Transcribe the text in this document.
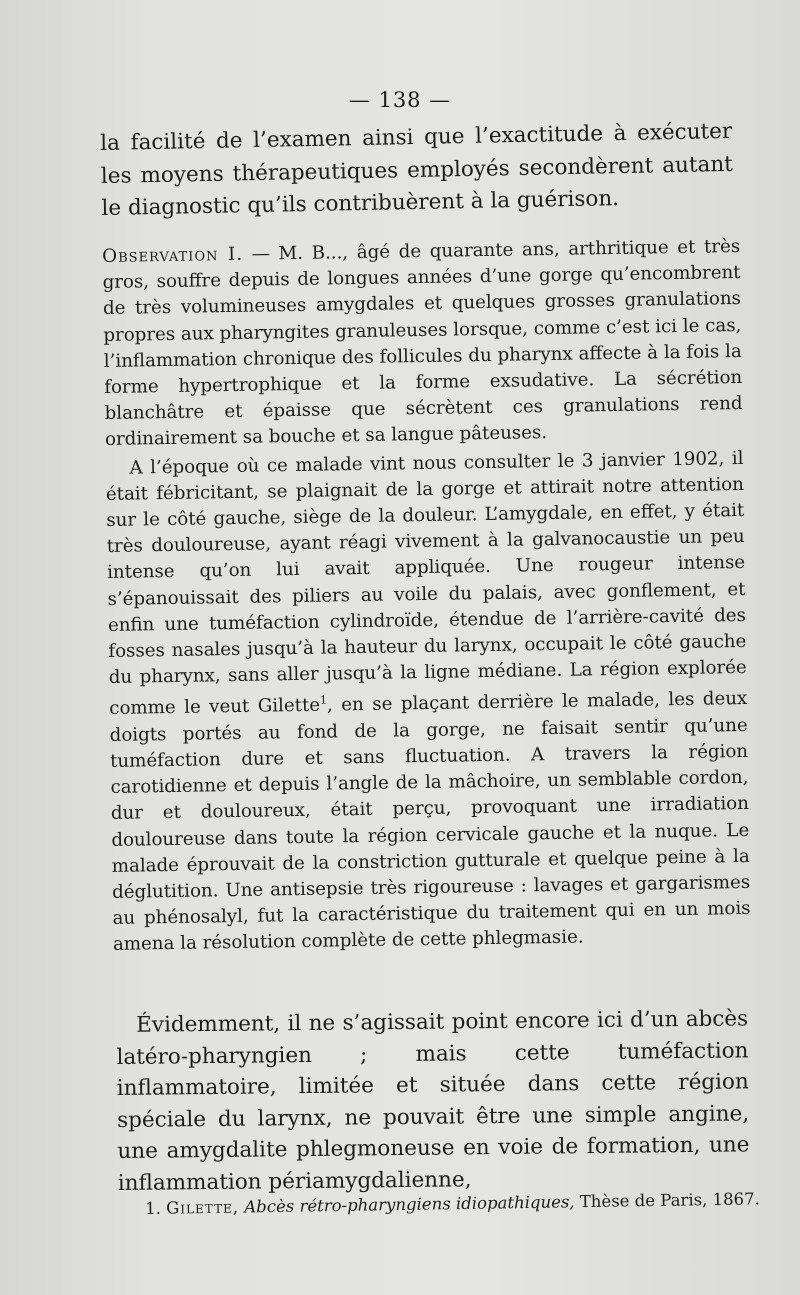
— 138 —
la facilité de l’examen ainsi que l’exactitude à exécuter les moyens thérapeutiques employés secondèrent autant le diagnostic qu’ils contribuèrent à la guérison.

Observation I. — M. B..., âgé de quarante ans, arthritique et très gros, souffre depuis de longues années d’une gorge qu’encombrent de très volumineuses amygdales et quelques grosses granulations propres aux pharyngites granuleuses lorsque, comme c’est ici le cas, l’inflammation chronique des follicules du pharynx affecte à la fois la forme hypertrophique et la forme exsudative. La sécrétion blanchâtre et épaisse que sécrètent ces granulations rend ordinairement sa bouche et sa langue pâteuses.

A l’époque où ce malade vint nous consulter le 3 janvier 1902, il était fébricitant, se plaignait de la gorge et attirait notre attention sur le côté gauche, siège de la douleur. L’amygdale, en effet, y était très douloureuse, ayant réagi vivement à la galvanocaustie un peu intense qu’on lui avait appliquée. Une rougeur intense s’épanouissait des piliers au voile du palais, avec gonflement, et enfin une tuméfaction cylindroïde, étendue de l’arrière-cavité des fosses nasales jusqu’à la hauteur du larynx, occupait le côté gauche du pharynx, sans aller jusqu’à la ligne médiane. La région explorée comme le veut Gilette$^1$, en se plaçant derrière le malade, les deux doigts portés au fond de la gorge, ne faisait sentir qu’une tuméfaction dure et sans fluctuation. A travers la région carotidienne et depuis l’angle de la mâchoire, un semblable cordon, dur et douloureux, était perçu, provoquant une irradiation douloureuse dans toute la région cervicale gauche et la nuque. Le malade éprouvait de la constriction gutturale et quelque peine à la déglutition. Une antisepsie très rigoureuse : lavages et gargarismes au phénosalyl, fut la caractéristique du traitement qui en un mois amena la résolution complète de cette phlegmasie.

Évidemment, il ne s’agissait point encore ici d’un abcès latéro-pharyngien ; mais cette tuméfaction inflammatoire, limitée et située dans cette région spéciale du larynx, ne pouvait être une simple angine, une amygdalite phlegmoneuse en voie de formation, une inflammation périamygdalienne,
1. Gilette, Abcès rétro-pharyngiens idiopathiques, Thèse de Paris, 1867.
